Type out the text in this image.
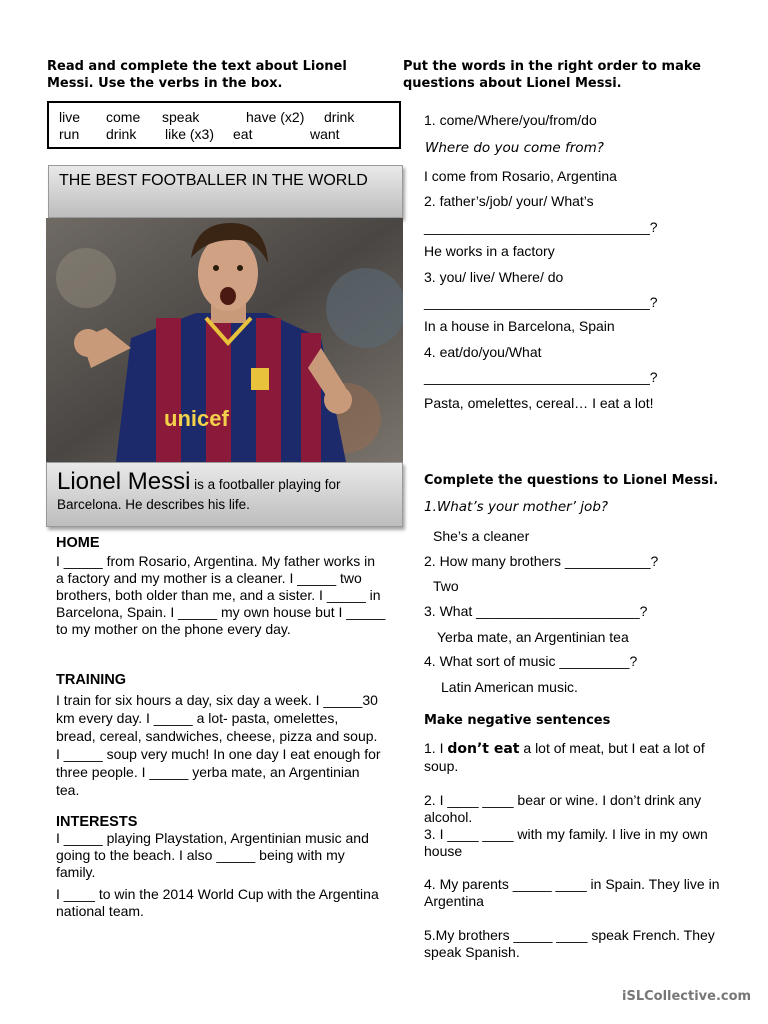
Read and complete the text about Lionel Messi. Use the verbs in the box.
live	come	speak	have (x2)	drink
run	drink	like (x3)	eat	want
THE BEST FOOTBALLER IN THE WORLD
unicef
Lionel Messi is a footballer playing for Barcelona. He describes his life.
HOME
I _____ from Rosario, Argentina. My father works in a factory and my mother is a cleaner. I _____ two brothers, both older than me, and a sister. I _____ in Barcelona, Spain. I _____ my own house but I _____ to my mother on the phone every day.
TRAINING
I train for six hours a day, six day a week. I _____30 km every day. I _____ a lot- pasta, omelettes, bread, cereal, sandwiches, cheese, pizza and soup. I _____ soup very much! In one day I eat enough for three people. I _____ yerba mate, an Argentinian tea.
INTERESTS
I _____ playing Playstation, Argentinian music and going to the beach. I also _____ being with my family.
I ____ to win the 2014 World Cup with the Argentina national team.
Put the words in the right order to make questions about Lionel Messi.
1. come/Where/you/from/do
Where do you come from?
I come from Rosario, Argentina
2. father’s/job/ your/ What’s
_____________________________?
He works in a factory
3. you/ live/ Where/ do
_____________________________?
In a house in Barcelona, Spain
4. eat/do/you/What
_____________________________?
Pasta, omelettes, cereal… I eat a lot!
Complete the questions to Lionel Messi.
1.What’s your mother’ job?
She’s a cleaner
2. How many brothers ___________?
Two
3. What _____________________?
Yerba mate, an Argentinian tea
4. What sort of music _________?
Latin American music.
Make negative sentences
1. I don’t eat a lot of meat, but I eat a lot of soup.
2. I ____ ____ bear or wine. I don’t drink any alcohol.
3. I ____ ____ with my family. I live in my own house
4. My parents _____ ____ in Spain. They live in Argentina
5.My brothers _____ ____ speak French. They speak Spanish.
iSLCollective.com
